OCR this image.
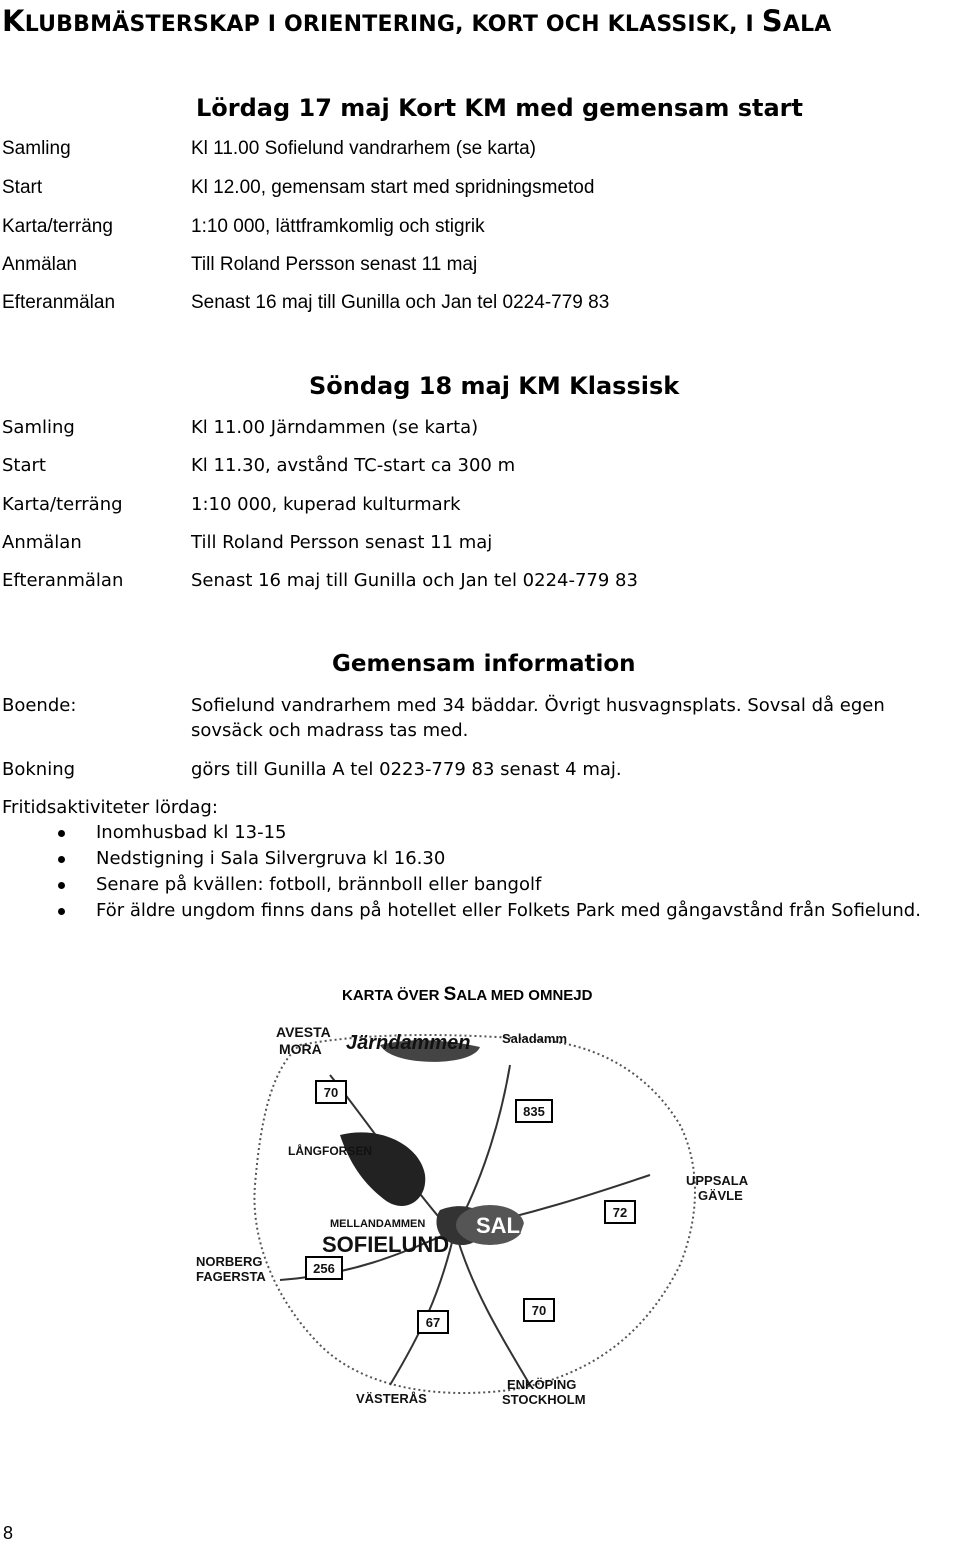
KLUBBMÄSTERSKAP I ORIENTERING, KORT OCH KLASSISK, I SALA
Lördag 17 maj Kort KM med gemensam start
Samling	Kl 11.00 Sofielund vandrarhem (se karta)
Start	Kl 12.00, gemensam start med spridningsmetod
Karta/terräng	1:10 000, lättframkomlig och stigrik
Anmälan	Till Roland Persson senast 11 maj
Efteranmälan	Senast 16 maj till Gunilla och Jan tel 0224-779 83
Söndag 18 maj KM Klassisk
Samling	Kl 11.00 Järndammen (se karta)
Start	Kl 11.30, avstånd TC-start ca 300 m
Karta/terräng	1:10 000, kuperad kulturmark
Anmälan	Till Roland Persson senast 11 maj
Efteranmälan	Senast 16 maj till Gunilla och Jan tel 0224-779 83
Gemensam information
Boende:	Sofielund vandrarhem med 34 bäddar. Övrigt husvagnsplats. Sovsal då egen
sovsäck och madrass tas med.
Bokning	görs till Gunilla A tel 0223-779 83 senast 4 maj.
Fritidsaktiviteter lördag:
Inomhusbad kl 13-15
Nedstigning i Sala Silvergruva kl 16.30
Senare på kvällen: fotboll, brännboll eller bangolf
För äldre ungdom finns dans på hotellet eller Folkets Park med gångavstånd från Sofielund.
KARTA ÖVER SALA MED OMNEJD
AVESTA
MORA Järndammen Saladamm
LÅNGFORSEN
UPPSALA
GÄVLE
MELLANDAMMEN
SOFIELUND
SALA
NORBERG
FAGERSTA
VÄSTERÅS
ENKÖPING
STOCKHOLM
70
835
72
256
70
67
8
